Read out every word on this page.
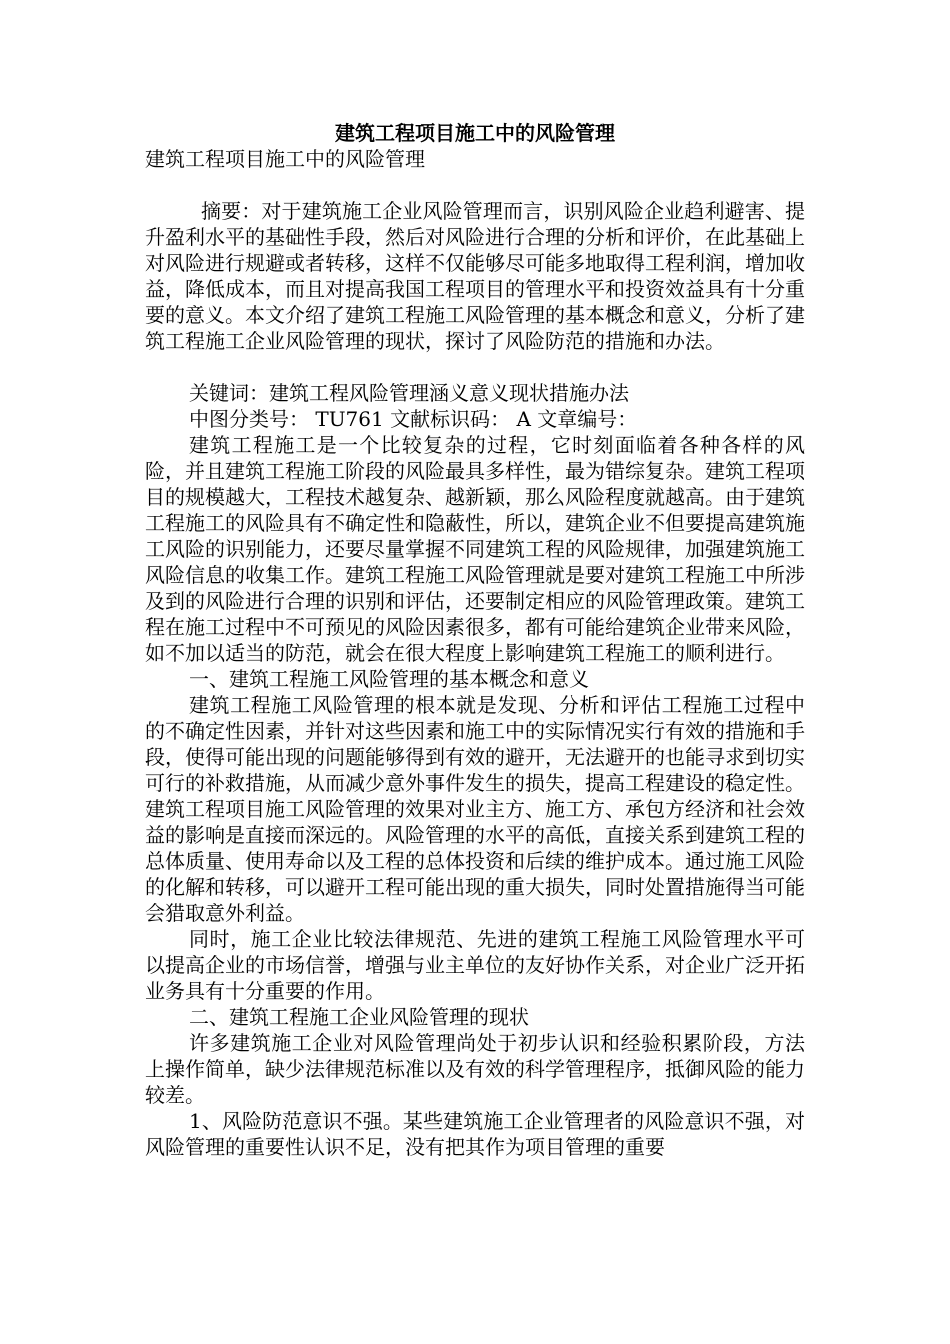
建筑工程项目施工中的风险管理

建筑工程项目施工中的风险管理

摘要：对于建筑施工企业风险管理而言，识别风险企业趋利避害、提升盈利水平的基础性手段，然后对风险进行合理的分析和评价，在此基础上对风险进行规避或者转移，这样不仅能够尽可能多地取得工程利润，增加收益，降低成本，而且对提高我国工程项目的管理水平和投资效益具有十分重要的意义。本文介绍了建筑工程施工风险管理的基本概念和意义，分析了建筑工程施工企业风险管理的现状，探讨了风险防范的措施和办法。

关键词：建筑工程风险管理涵义意义现状措施办法

中图分类号： TU761 文献标识码： A 文章编号：

建筑工程施工是一个比较复杂的过程，它时刻面临着各种各样的风险，并且建筑工程施工阶段的风险最具多样性，最为错综复杂。建筑工程项目的规模越大，工程技术越复杂、越新颖，那么风险程度就越高。由于建筑工程施工的风险具有不确定性和隐蔽性，所以，建筑企业不但要提高建筑施工风险的识别能力，还要尽量掌握不同建筑工程的风险规律，加强建筑施工风险信息的收集工作。建筑工程施工风险管理就是要对建筑工程施工中所涉及到的风险进行合理的识别和评估，还要制定相应的风险管理政策。建筑工程在施工过程中不可预见的风险因素很多，都有可能给建筑企业带来风险，如不加以适当的防范，就会在很大程度上影响建筑工程施工的顺利进行。

一、建筑工程施工风险管理的基本概念和意义

建筑工程施工风险管理的根本就是发现、分析和评估工程施工过程中的不确定性因素，并针对这些因素和施工中的实际情况实行有效的措施和手段，使得可能出现的问题能够得到有效的避开，无法避开的也能寻求到切实可行的补救措施，从而减少意外事件发生的损失，提高工程建设的稳定性。建筑工程项目施工风险管理的效果对业主方、施工方、承包方经济和社会效益的影响是直接而深远的。风险管理的水平的高低，直接关系到建筑工程的总体质量、使用寿命以及工程的总体投资和后续的维护成本。通过施工风险的化解和转移，可以避开工程可能出现的重大损失，同时处置措施得当可能会猎取意外利益。

同时，施工企业比较法律规范、先进的建筑工程施工风险管理水平可以提高企业的市场信誉，增强与业主单位的友好协作关系，对企业广泛开拓业务具有十分重要的作用。

二、建筑工程施工企业风险管理的现状

许多建筑施工企业对风险管理尚处于初步认识和经验积累阶段，方法上操作简单，缺少法律规范标准以及有效的科学管理程序，抵御风险的能力较差。

1、风险防范意识不强。某些建筑施工企业管理者的风险意识不强，对风险管理的重要性认识不足，没有把其作为项目管理的重要
